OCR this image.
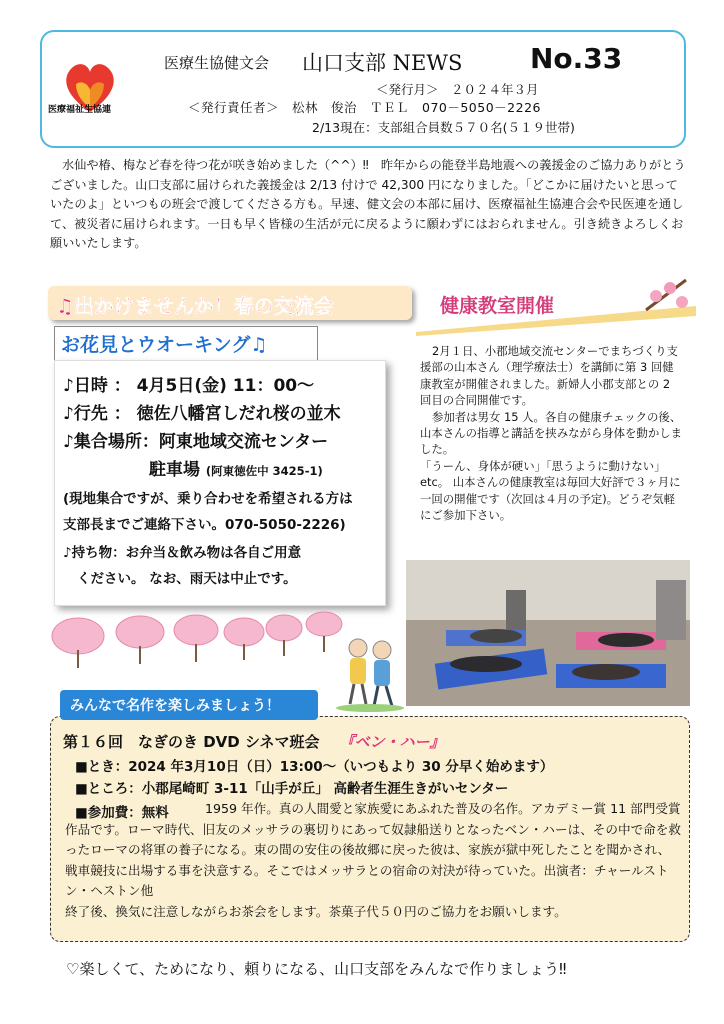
医療福祉生協連
医療生協健文会 山口支部 NEWS No.33
＜発行月＞　２０２４年３月
＜発行責任者＞　松林　俊治　ＴＥＬ　070－5050－2226
2/13現在：支部組合員数５７０名(５１９世帯)

水仙や椿、梅など春を待つ花が咲き始めました（^^）‼　昨年からの能登半島地震への義援金のご協力ありがとうございました。山口支部に届けられた義援金は 2/13 付けで 42,300 円になりました。「どこかに届けたいと思っていたのよ」といつもの班会で渡してくださる方も。早速、健文会の本部に届け、医療福祉生協連合会や民医連を通して、被災者に届けられます。一日も早く皆様の生活が元に戻るように願わずにはおられません。引き続きよろしくお願いいたします。

♫出かけませんか！春の交流会
お花見とウオーキング♫
♪日時 ： 4月5日(金) 11：00～
♪行先 ： 徳佐八幡宮しだれ桜の並木
♪集合場所：阿東地域交流センター
駐車場 (阿東徳佐中 3425-1)
(現地集合ですが、乗り合わせを希望される方は
支部長までご連絡下さい。070-5050-2226)
♪持ち物：お弁当＆飲み物は各自ご用意
ください。 なお、雨天は中止です。
健康教室開催

2月１日、小郡地域交流センターでまちづくり支援部の山本さん（理学療法士）を講師に第 3 回健康教室が開催されました。新婦人小郡支部との 2 回目の合同開催です。

参加者は男女 15 人。各自の健康チェックの後、山本さんの指導と講話を挟みながら身体を動かしました。

「うーん、身体が硬い」「思うように動けない」etc。 山本さんの健康教室は毎回大好評で３ヶ月に一回の開催です（次回は４月の予定)。どうぞ気軽にご参加下さい。

第１６回　なぎのき DVD シネマ班会 『ベン・ハー』
■とき：2024 年3月10日（日）13:00～（いつもより 30 分早く始めます）
■ところ：小郡尾崎町 3-11「山手が丘」 高齢者生涯生きがいセンター
■参加費：無料	1959 年作。真の人間愛と家族愛にあふれた普及の名作。アカデミー賞 11 部門受賞作品です。ローマ時代、旧友のメッサラの裏切りにあって奴隷船送りとなったベン・ハーは、その中で命を救ったローマの将軍の養子になる。束の間の安住の後故郷に戻った彼は、家族が獄中死したことを聞かされ、戦車競技に出場する事を決意する。そこではメッサラとの宿命の対決が待っていた。出演者：チャールストン・ヘストン他
終了後、換気に注意しながらお茶会をします。茶菓子代５０円のご協力をお願いします。

みんなで名作を楽しみましょう！
♡楽しくて、ためになり、頼りになる、山口支部をみんなで作りましょう‼
